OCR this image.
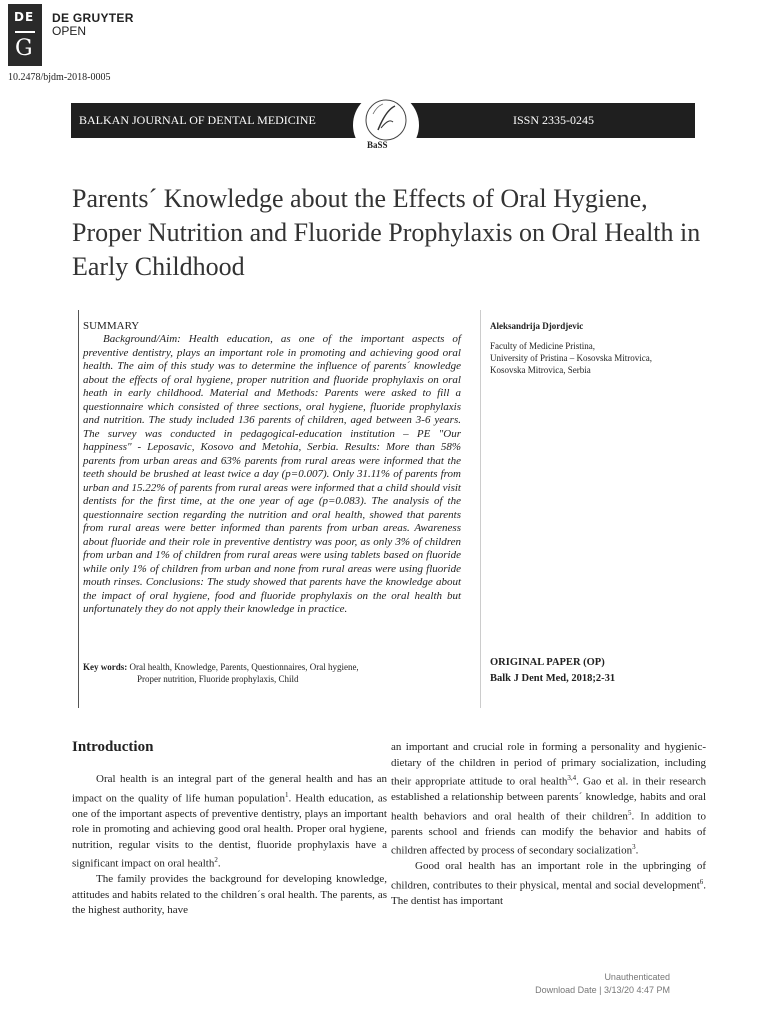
DE
G
DE GRUYTER
OPEN
10.2478/bjdm-2018-0005
BALKAN JOURNAL OF DENTAL MEDICINE	ISSN 2335-0245
BaSS
Parents´ Knowledge about the Effects of Oral Hygiene, Proper Nutrition and Fluoride Prophylaxis on Oral Health in Early Childhood
SUMMARY
Background/Aim: Health education, as one of the important aspects of preventive dentistry, plays an important role in promoting and achieving good oral health. The aim of this study was to determine the influence of parents´ knowledge about the effects of oral hygiene, proper nutrition and fluoride prophylaxis on oral heath in early childhood. Material and Methods: Parents were asked to fill a questionnaire which consisted of three sections, oral hygiene, fluoride prophylaxis and nutrition. The study included 136 parents of children, aged between 3-6 years. The survey was conducted in pedagogical-education institution – PE "Our happiness" - Leposavic, Kosovo and Metohia, Serbia. Results: More than 58% parents from urban areas and 63% parents from rural areas were informed that the teeth should be brushed at least twice a day (p=0.007). Only 31.11% of parents from urban and 15.22% of parents from rural areas were informed that a child should visit dentists for the first time, at the one year of age (p=0.083). The analysis of the questionnaire section regarding the nutrition and oral health, showed that parents from rural areas were better informed than parents from urban areas. Awareness about fluoride and their role in preventive dentistry was poor, as only 3% of children from urban and 1% of children from rural areas were using tablets based on fluoride while only 1% of children from urban and none from rural areas were using fluoride mouth rinses. Conclusions: The study showed that parents have the knowledge about the impact of oral hygiene, food and fluoride prophylaxis on the oral health but unfortunately they do not apply their knowledge in practice.
Key words: Oral health, Knowledge, Parents, Questionnaires, Oral hygiene,
Proper nutrition, Fluoride prophylaxis, Child
Aleksandrija Djordjevic
Faculty of Medicine Pristina,
University of Pristina – Kosovska Mitrovica,
Kosovska Mitrovica, Serbia
ORIGINAL PAPER (OP)
Balk J Dent Med, 2018;2-31
Introduction

Oral health is an integral part of the general health and has an impact on the quality of life human population$^1$. Health education, as one of the important aspects of preventive dentistry, plays an important role in promoting and achieving good oral health. Proper oral hygiene, nutrition, regular visits to the dentist, fluoride prophylaxis have a significant impact on oral health$^2$.

The family provides the background for developing knowledge, attitudes and habits related to the children´s oral health. The parents, as the highest authority, have

an important and crucial role in forming a personality and hygienic-dietary of the children in period of primary socialization, including their appropriate attitude to oral health$^{3,4}$. Gao et al. in their research established a relationship between parents´ knowledge, habits and oral health behaviors and oral health of their children$^5$. In addition to parents school and friends can modify the behavior and habits of children affected by process of secondary socialization$^3$.

Good oral health has an important role in the upbringing of children, contributes to their physical, mental and social development$^6$. The dentist has important

Unauthenticated
Download Date | 3/13/20 4:47 PM
